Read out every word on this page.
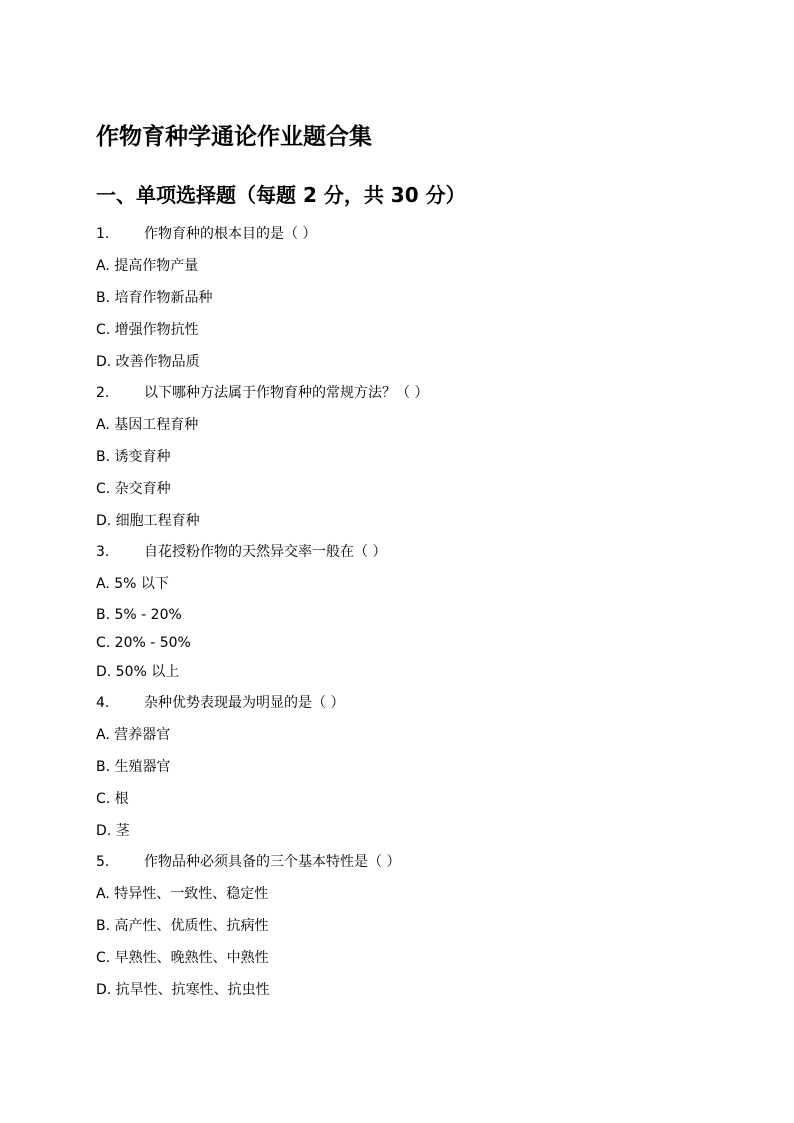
作物育种学通论作业题合集
一、单项选择题（每题 2 分，共 30 分）
1. 作物育种的根本目的是（ ）
A. 提高作物产量
B. 培育作物新品种
C. 增强作物抗性
D. 改善作物品质
2. 以下哪种方法属于作物育种的常规方法？（ ）
A. 基因工程育种
B. 诱变育种
C. 杂交育种
D. 细胞工程育种
3. 自花授粉作物的天然异交率一般在（ ）
A. 5% 以下
B. 5% - 20%
C. 20% - 50%
D. 50% 以上
4. 杂种优势表现最为明显的是（ ）
A. 营养器官
B. 生殖器官
C. 根
D. 茎
5. 作物品种必须具备的三个基本特性是（ ）
A. 特异性、一致性、稳定性
B. 高产性、优质性、抗病性
C. 早熟性、晚熟性、中熟性
D. 抗旱性、抗寒性、抗虫性
